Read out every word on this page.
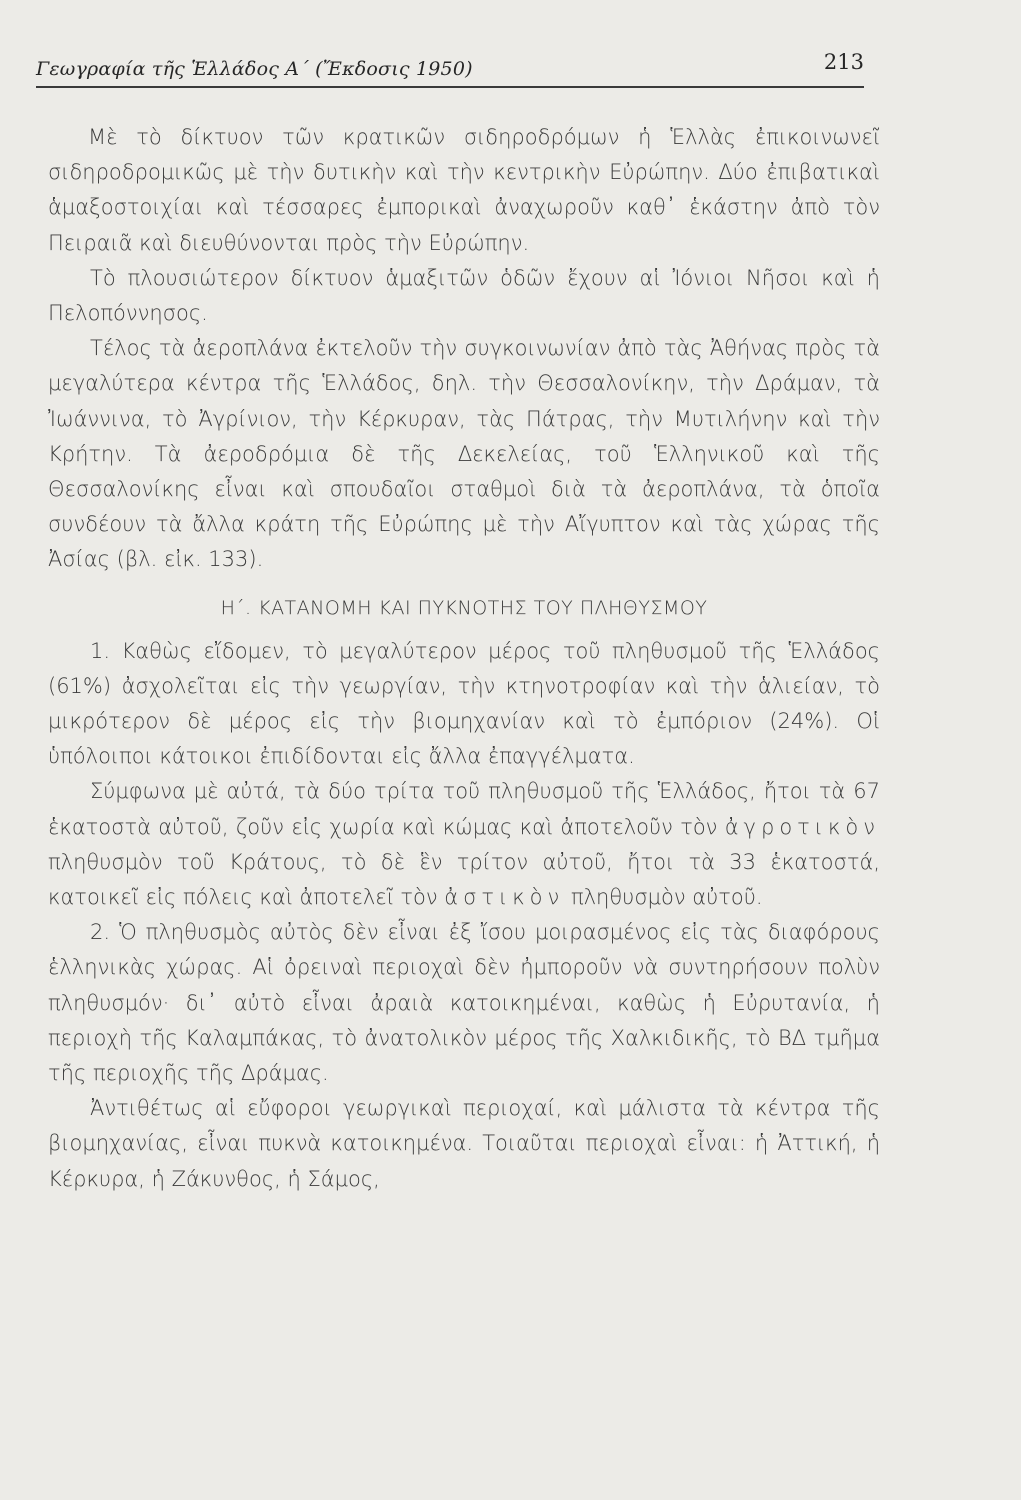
Γεωγραφία τῆς Ἑλλάδος Α΄ (Ἔκδοσις 1950)	213

Μὲ τὸ δίκτυον τῶν κρατικῶν σιδηροδρόμων ἡ Ἑλλὰς ἐπικοινωνεῖ σιδηροδρομικῶς μὲ τὴν δυτικὴν καὶ τὴν κεντρικὴν Εὐρώπην. Δύο ἐπιβατικαὶ ἁμαξοστοιχίαι καὶ τέσσαρες ἐμπορικαὶ ἀναχωροῦν καθ᾽ ἑκάστην ἀπὸ τὸν Πειραιᾶ καὶ διευθύνονται πρὸς τὴν Εὐρώπην.

Τὸ πλουσιώτερον δίκτυον ἁμαξιτῶν ὁδῶν ἔχουν αἱ Ἰόνιοι Νῆσοι καὶ ἡ Πελοπόννησος.

Τέλος τὰ ἀεροπλάνα ἐκτελοῦν τὴν συγκοινωνίαν ἀπὸ τὰς Ἀθήνας πρὸς τὰ μεγαλύτερα κέντρα τῆς Ἑλλάδος, δηλ. τὴν Θεσσαλονίκην, τὴν Δράμαν, τὰ Ἰωάννινα, τὸ Ἀγρίνιον, τὴν Κέρκυραν, τὰς Πάτρας, τὴν Μυτιλήνην καὶ τὴν Κρήτην. Τὰ ἀεροδρόμια δὲ τῆς Δεκελείας, τοῦ Ἑλληνικοῦ καὶ τῆς Θεσσαλονίκης εἶναι καὶ σπουδαῖοι σταθμοὶ διὰ τὰ ἀεροπλάνα, τὰ ὁποῖα συνδέουν τὰ ἄλλα κράτη τῆς Εὐρώπης μὲ τὴν Αἴγυπτον καὶ τὰς χώρας τῆς Ἀσίας (βλ. εἰκ. 133).

Η΄. ΚΑΤΑΝΟΜΗ ΚΑΙ ΠΥΚΝΟΤΗΣ ΤΟΥ ΠΛΗΘΥΣΜΟΥ

1. Καθὼς εἴδομεν, τὸ μεγαλύτερον μέρος τοῦ πληθυσμοῦ τῆς Ἑλλάδος (61%) ἀσχολεῖται εἰς τὴν γεωργίαν, τὴν κτηνοτροφίαν καὶ τὴν ἁλιείαν, τὸ μικρότερον δὲ μέρος εἰς τὴν βιομηχανίαν καὶ τὸ ἐμπόριον (24%). Οἱ ὑπόλοιποι κάτοικοι ἐπιδίδονται εἰς ἄλλα ἐπαγγέλματα.

Σύμφωνα μὲ αὐτά, τὰ δύο τρίτα τοῦ πληθυσμοῦ τῆς Ἑλλάδος, ἤτοι τὰ 67 ἑκατοστὰ αὐτοῦ, ζοῦν εἰς χωρία καὶ κώμας καὶ ἀποτελοῦν τὸν ἀγροτικὸν πληθυσμὸν τοῦ Κράτους, τὸ δὲ ἓν τρίτον αὐτοῦ, ἤτοι τὰ 33 ἑκατοστά, κατοικεῖ εἰς πόλεις καὶ ἀποτελεῖ τὸν ἀστικὸν πληθυσμὸν αὐτοῦ.

2. Ὁ πληθυσμὸς αὐτὸς δὲν εἶναι ἐξ ἴσου μοιρασμένος εἰς τὰς διαφόρους ἑλληνικὰς χώρας. Αἱ ὀρειναὶ περιοχαὶ δὲν ἠμποροῦν νὰ συντηρήσουν πολὺν πληθυσμόν· δι᾽ αὐτὸ εἶναι ἀραιὰ κατοικημέναι, καθὼς ἡ Εὐρυτανία, ἡ περιοχὴ τῆς Καλαμπάκας, τὸ ἀνατολικὸν μέρος τῆς Χαλκιδικῆς, τὸ ΒΔ τμῆμα τῆς περιοχῆς τῆς Δράμας.

Ἀντιθέτως αἱ εὔφοροι γεωργικαὶ περιοχαί, καὶ μάλιστα τὰ κέντρα τῆς βιομηχανίας, εἶναι πυκνὰ κατοικημένα. Τοιαῦται περιοχαὶ εἶναι: ἡ Ἀττική, ἡ Κέρκυρα, ἡ Ζάκυνθος, ἡ Σάμος,
